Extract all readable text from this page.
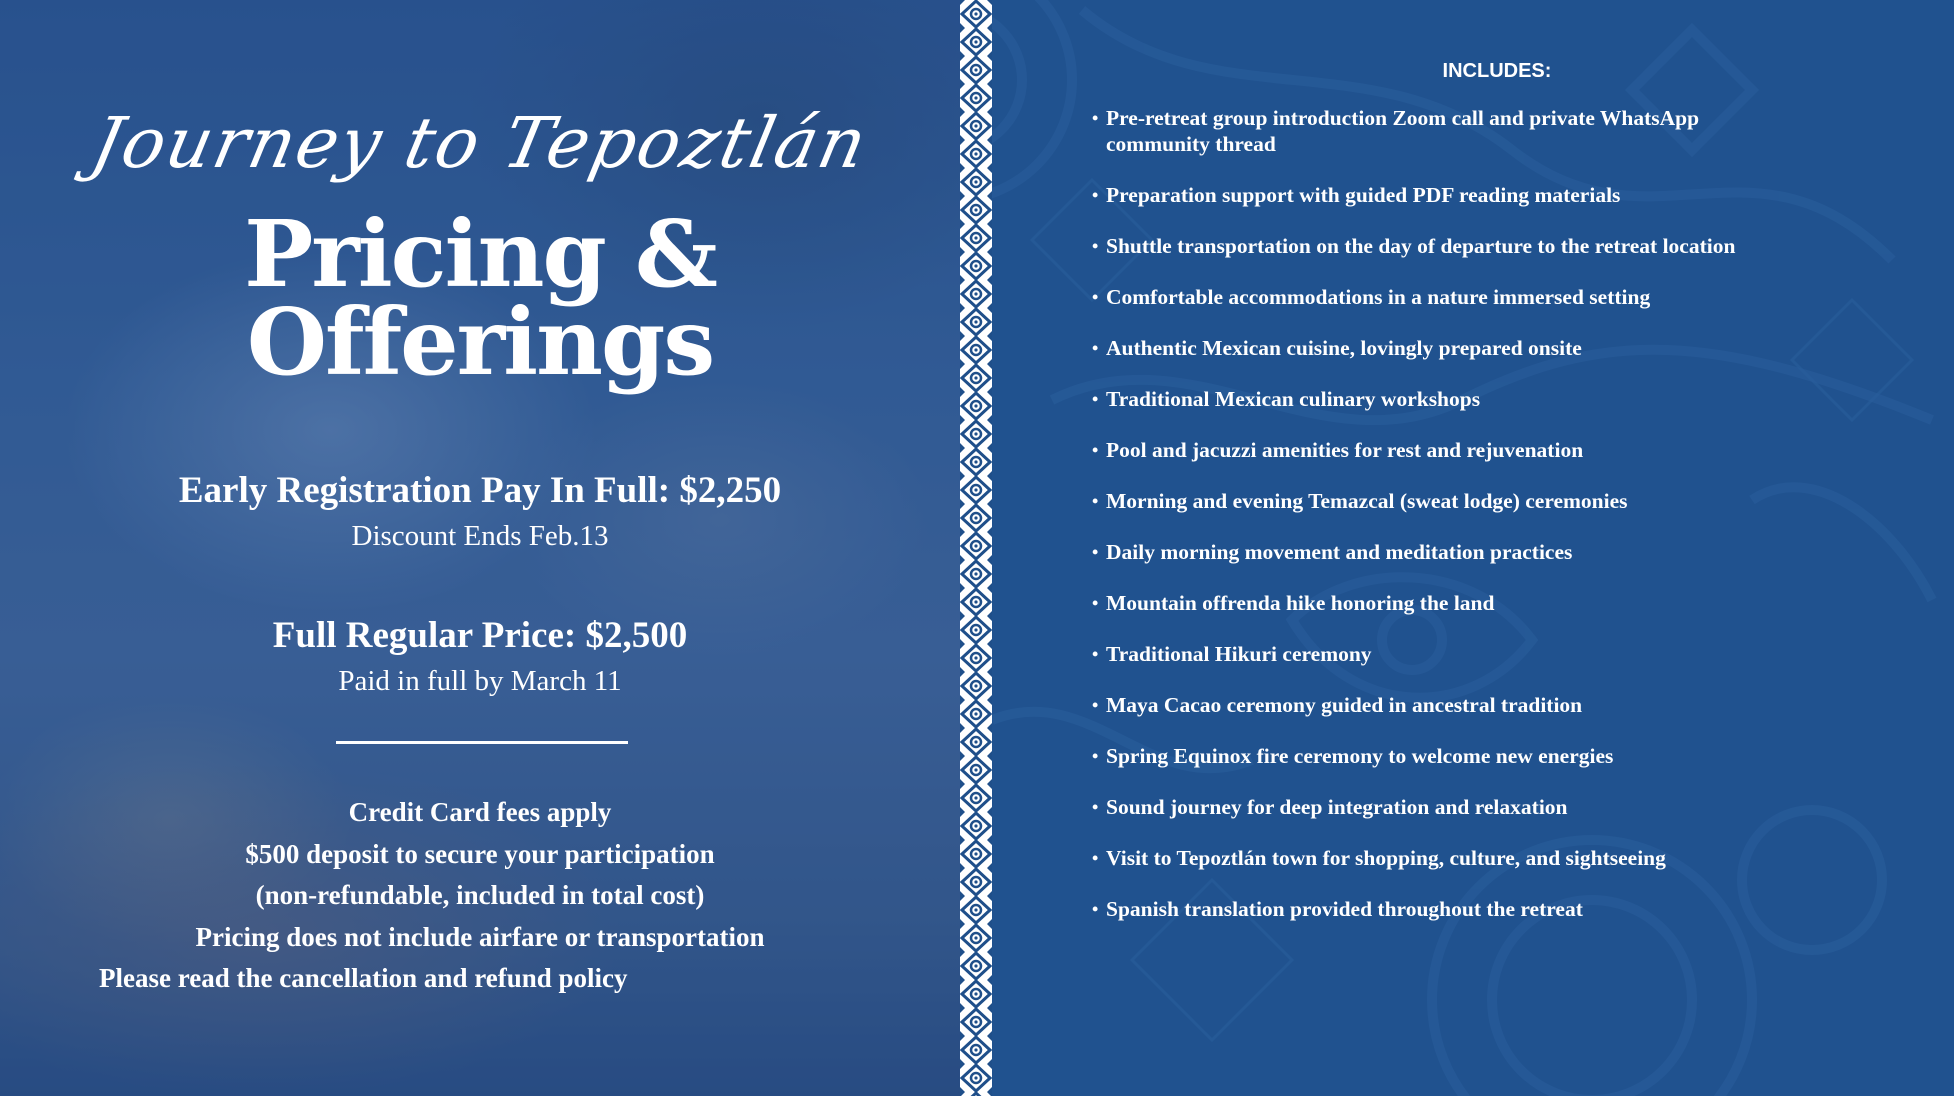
Journey to Tepoztlán
Pricing &
Offerings
Early Registration Pay In Full: $2,250
Discount Ends Feb.13
Full Regular Price: $2,500
Paid in full by March 11
Credit Card fees apply
$500 deposit to secure your participation
(non-refundable, included in total cost)
Pricing does not include airfare or transportation
Please read the cancellation and refund policy
INCLUDES:
• Pre-retreat group introduction Zoom call and private WhatsApp community thread
• Preparation support with guided PDF reading materials
• Shuttle transportation on the day of departure to the retreat location
• Comfortable accommodations in a nature immersed setting
• Authentic Mexican cuisine, lovingly prepared onsite
• Traditional Mexican culinary workshops
• Pool and jacuzzi amenities for rest and rejuvenation
• Morning and evening Temazcal (sweat lodge) ceremonies
• Daily morning movement and meditation practices
• Mountain offrenda hike honoring the land
• Traditional Hikuri ceremony
• Maya Cacao ceremony guided in ancestral tradition
• Spring Equinox fire ceremony to welcome new energies
• Sound journey for deep integration and relaxation
• Visit to Tepoztlán town for shopping, culture, and sightseeing
• Spanish translation provided throughout the retreat
